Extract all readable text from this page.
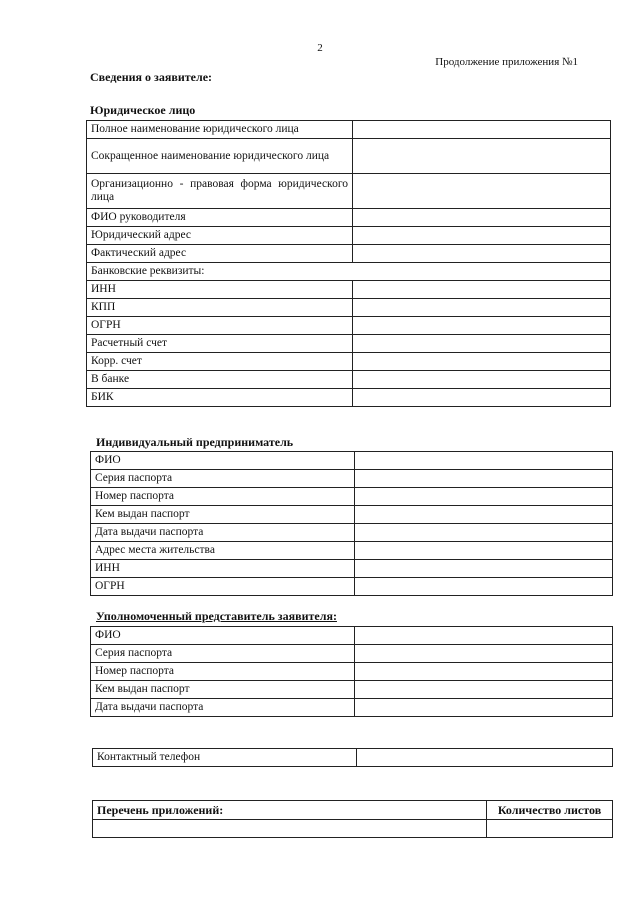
2
Продолжение приложения №1
Сведения о заявителе:
Юридическое лицо
Полное наименование юридического лица	
Сокращенное наименование юридического лица	
Организационно - правовая форма юридического лица	
ФИО руководителя	
Юридический адрес	
Фактический адрес	
Банковские реквизиты:	
ИНН	
КПП	
ОГРН	
Расчетный счет	
Корр. счет	
В банке	
БИК	
Индивидуальный предприниматель
ФИО	
Серия паспорта	
Номер паспорта	
Кем выдан паспорт	
Дата выдачи паспорта	
Адрес места жительства	
ИНН	
ОГРН	
Уполномоченный представитель заявителя:
ФИО	
Серия паспорта	
Номер паспорта	
Кем выдан паспорт	
Дата выдачи паспорта	
Контактный телефон	
Перечень приложений:	Количество листов
